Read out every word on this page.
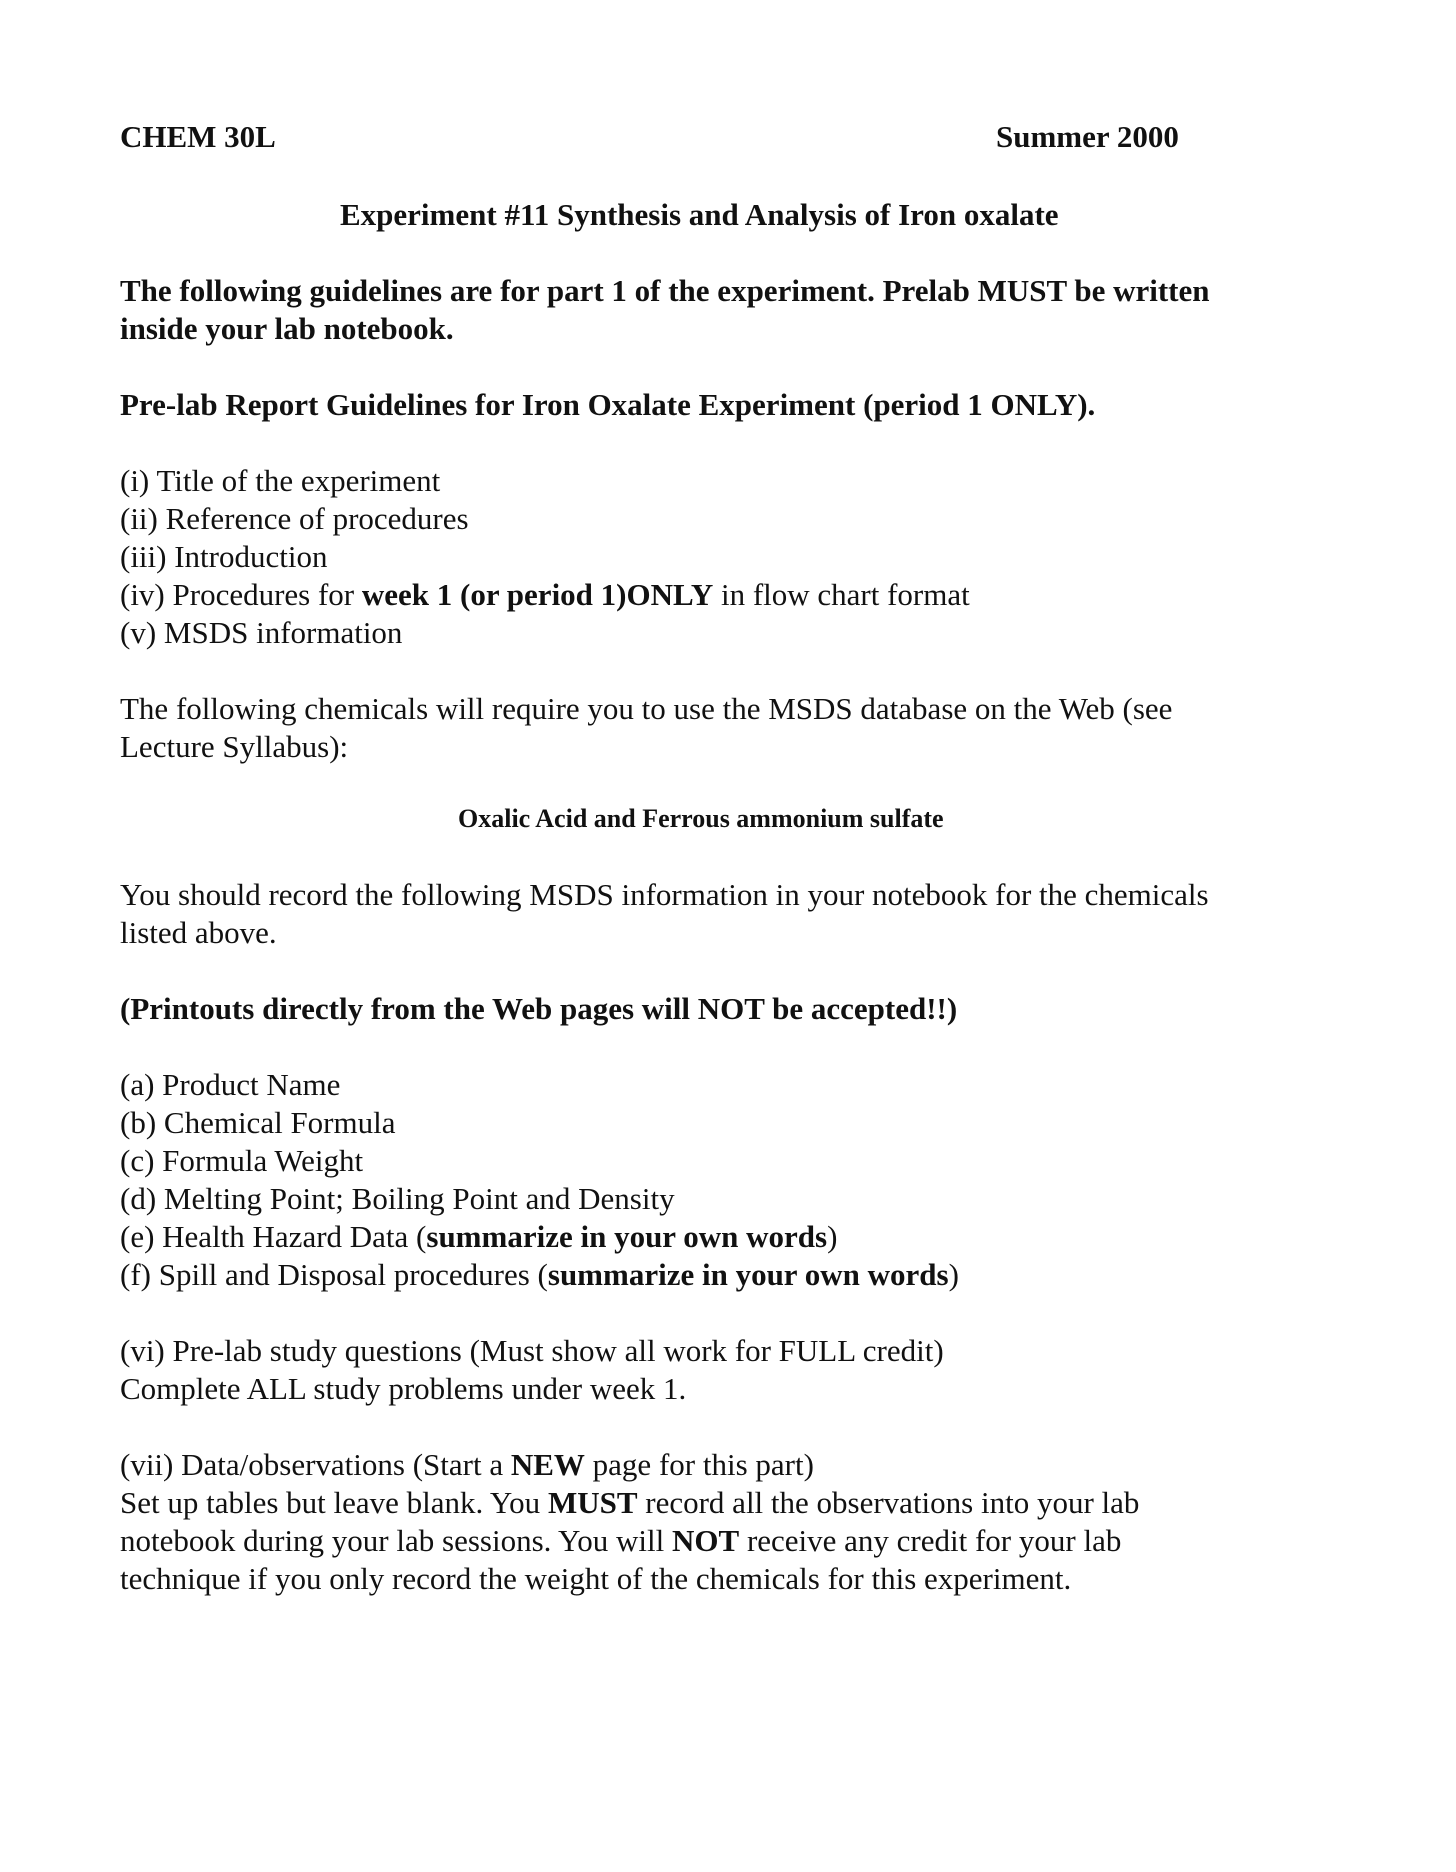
CHEM 30L	Summer 2000
Experiment #11 Synthesis and Analysis of Iron oxalate
The following guidelines are for part 1 of the experiment. Prelab MUST be written
inside your lab notebook.
Pre-lab Report Guidelines for Iron Oxalate Experiment (period 1 ONLY).
(i) Title of the experiment
(ii) Reference of procedures
(iii) Introduction
(iv) Procedures for week 1 (or period 1)ONLY in flow chart format
(v) MSDS information
The following chemicals will require you to use the MSDS database on the Web (see
Lecture Syllabus):
Oxalic Acid and Ferrous ammonium sulfate
You should record the following MSDS information in your notebook for the chemicals
listed above.
(Printouts directly from the Web pages will NOT be accepted!!)
(a) Product Name
(b) Chemical Formula
(c) Formula Weight
(d) Melting Point; Boiling Point and Density
(e) Health Hazard Data (summarize in your own words)
(f) Spill and Disposal procedures (summarize in your own words)
(vi) Pre-lab study questions (Must show all work for FULL credit)
Complete ALL study problems under week 1.
(vii) Data/observations (Start a NEW page for this part)
Set up tables but leave blank. You MUST record all the observations into your lab
notebook during your lab sessions. You will NOT receive any credit for your lab
technique if you only record the weight of the chemicals for this experiment.
